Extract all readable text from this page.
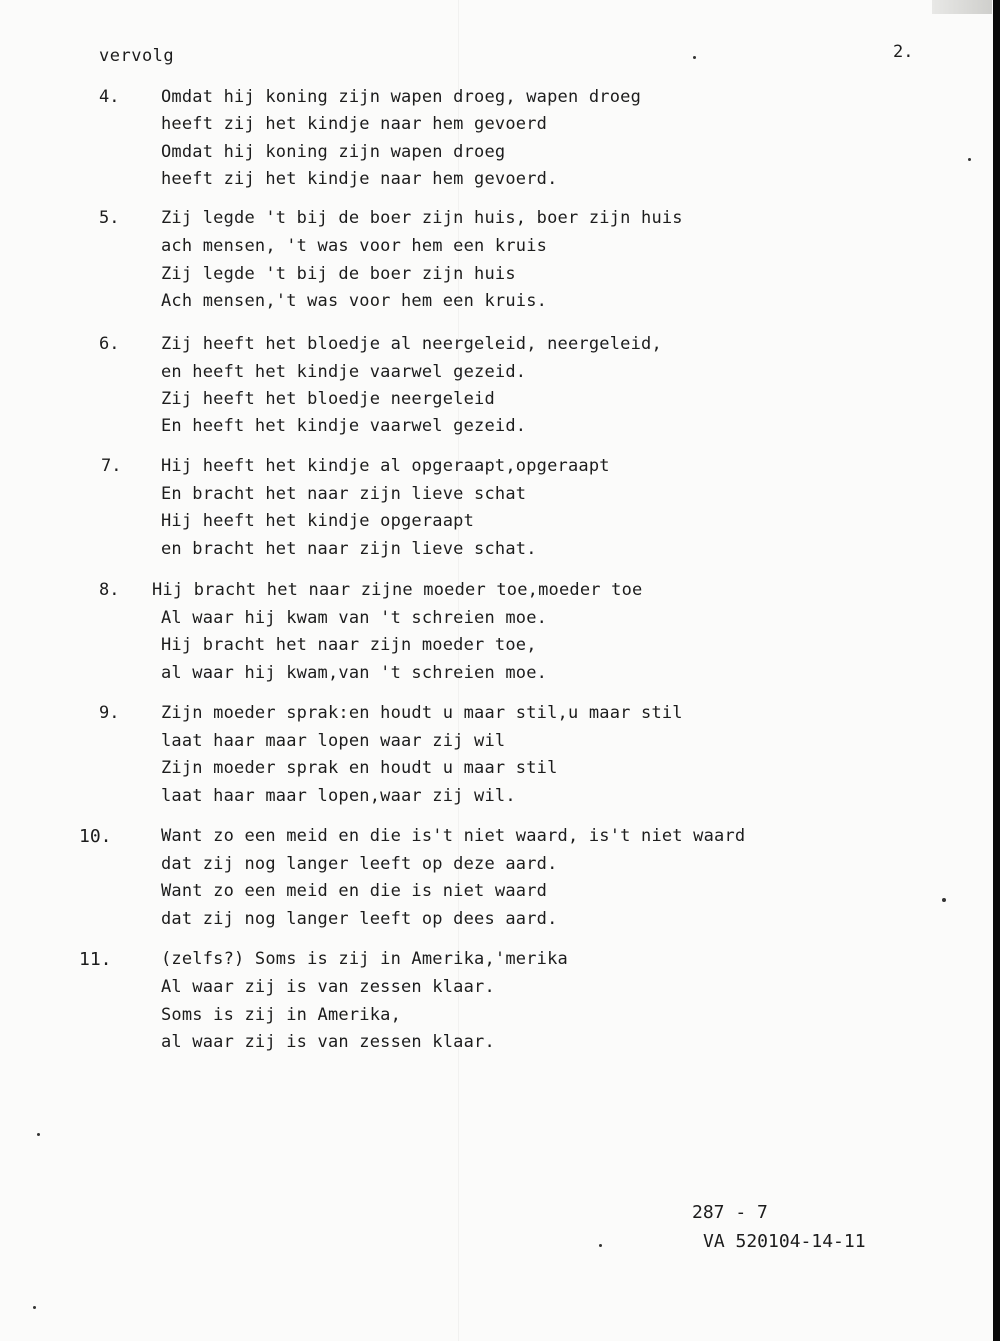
vervolg	2.
4. Omdat hij koning zijn wapen droeg, wapen droeg
heeft zij het kindje naar hem gevoerd
Omdat hij koning zijn wapen droeg
heeft zij het kindje naar hem gevoerd.
5. Zij legde 't bij de boer zijn huis, boer zijn huis
ach mensen, 't was voor hem een kruis
Zij legde 't bij de boer zijn huis
Ach mensen,'t was voor hem een kruis.
6. Zij heeft het bloedje al neergeleid, neergeleid,
en heeft het kindje vaarwel gezeid.
Zij heeft het bloedje neergeleid
En heeft het kindje vaarwel gezeid.
7. Hij heeft het kindje al opgeraapt,opgeraapt
En bracht het naar zijn lieve schat
Hij heeft het kindje opgeraapt
en bracht het naar zijn lieve schat.
8. Hij bracht het naar zijne moeder toe,moeder toe
Al waar hij kwam van 't schreien moe.
Hij bracht het naar zijn moeder toe,
al waar hij kwam,van 't schreien moe.
9. Zijn moeder sprak:en houdt u maar stil,u maar stil
laat haar maar lopen waar zij wil
Zijn moeder sprak en houdt u maar stil
laat haar maar lopen,waar zij wil.
10.	Want zo een meid en die is't niet waard, is't niet waard
dat zij nog langer leeft op deze aard.
Want zo een meid en die is niet waard
dat zij nog langer leeft op dees aard.
11.	(zelfs?) Soms is zij in Amerika,'merika
Al waar zij is van zessen klaar.
Soms is zij in Amerika,
al waar zij is van zessen klaar.
287 - 7
VA 520104-14-11
